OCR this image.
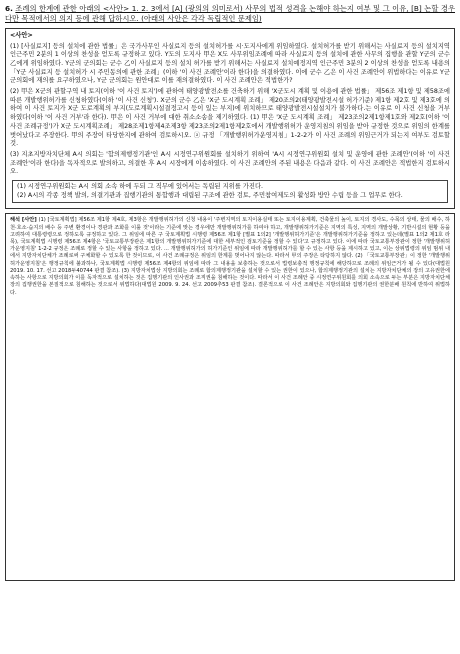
6. 조례의 한계에 관한 아래의 <사안> 1. 2. 3에서 [A] (광의의 의미로서) 사무의 법적 성격을 논해야 하는지 여부 및 그 이유, [B] 논할 경우 다만 목적에서의 의지 등에 관해 답하시오. (아래의 사안은 각각 독립적인 문제임)

<사안>

(1) [사실료지] 등의 설치에 관한 법률」은 국가사무인 사실료지 등의 설치허가를 시·도지사에게 위임하였다. 설치허가를 받기 위해서는 사실료지 등의 설치지역 인근주민 2분의 1 이상의 찬성을 얻도록 규정하고 있다. Y도의 도지사 甲은 X도 사무위임조례에 따라 사실료지 등의 설치에 관한 사무의 집행을 관할 Y군의 군수 乙에게 위임하였다. Y군의 군의회는 군수 乙이 사실료지 등의 설치 허가를 받기 위해서는 사실료지 설치예정지역 인근주민 3분의 2 이상의 찬성을 얻도록 내용의 「Y군 사실료지 등 설치허가 시 주민동의에 관한 조례」(이하 '이 사건 조례안'이라 한다)을 의결하였다. 이에 군수 乙은 이 사건 조례안이 위법하다는 이유로 Y군 군의회에 재의를 요구하였으나, Y군 군의회는 원안대로 이를 재의결하였다. 이 사건 조례안은 적법한가?

(2) 甲은 X군의 관할구역 내 토지(이하 '이 사건 토지')에 관하여 태양광발전소를 건축하기 위해 'X군도시 계획 및 이용에 관한 법률」 제56조 제1항 및 제58조에 따른 개발행위허가를 신청하였다(이하 '이 사건 신청'). X군의 군수 乙은 'X군 도시계획 조례」 제20조의2(태양광발전시설 허가기준) 제1항 제2호 및 제3호에 의하여 이 사건 토지가 X군 도로계획의 부지(도로계획시설결정고시 등이 있는 부지)에 위치하므로 태양광발전시설설치가 불가하다.는 이유로 이 사건 신청을 거부하였다(이하 '이 사건 거부'라 한다). 甲은 이 사건 거부에 대한 취소소송을 제기하였다. (1) 甲은 'X군 도시계획 조례」 제23조의2제1항제1호와 제2호(이하 '이 사건 조례규정')가 X군 도시계획조례」 제28조제1항제4조제3항 제23조의2제1항제2호에서 개발행위허가 운영지침의 위임을 받아 규정한 것으로 위임의 한계를 벗어났다고 주장한다. 甲의 주장이 타당한지에 관하여 검토하시오. ⓐ 규정 「개발행위허가운영지침」1-2-2가 이 사건 조례의 위임근거가 되는지 여부도 검토할 것.

(3) 지초지방자치단체 A시 의회는 '합의제행정기관'인 A시 시정연구위원회를 설치하기 위하여 'A시 시정연구위원회 설치 및 운영에 관한 조례안'(이하 '이 사건 조례안'이라 한다)을 독자적으로 발의하고, 의결한 후 A시 시장에게 이송하였다. 이 사건 조례안의 주된 내용은 다음과 같다. 이 사건 조례안은 적법한지 검토하시오.

(1) 시정연구위원회는 A시 의회 소속 하에 두되 그 직무에 있어서는 독립된 지위를 가진다.

(2) A시의 각종 정책 발의, 의결기관과 집행기관의 통합행과 대립된 구조에 관한 검토, 주민참여제도의 활성화 방안 수립 등을 그 업무로 한다.

해석 [사안] (1) [국토계획법] 제56조 제1항 제4호, 제3항은 개발행위허가의 신청 내용이 '주변지역의 토지이용실태 또는 토지이용계획, 건축물의 높이, 토지의 경사도, 수목의 상태, 물의 배수, 하천·호소·습지의 배수 등 주변 환경이나 경관과 조화를 이룰 것'이라는 기준에 맞는 경우에만 개발행위허가를 하여야 하고, 개발행위허가기준은 지역의 특성, 지역의 개발상황, 기반시설의 현황 등을 고려하여 대통령령으로 정하도록 규정하고 있다. 그 위임에 따른 구 국토계획법 시행령 제56조 제1항 [별표 1의2] '개발행위허가기준'은 개발행위허가기준을 정하고 있는데(별표 1의2 제1호 라목), 국토계획법 시행령 제56조 제4항은 '국토교통부장관은 제1항의 개발행위허가기준에 대한 세부적인 검토기준을 정할 수 있다'고 규정하고 있다. 이에 따라 국토교통부장관이 정한 '개발행위허가운영지침' 1-2-2 규정은 조례로 정할 수 있는 사항을 정하고 있다. ... 개발행위허가의 허가기준인 위임에 따라 개발행위허가를 할 수 있는 사항 등을 제시하고 있고, 이는 상위법령의 위임 범위 내에서 지방자치단체가 조례로써 구체화할 수 있도록 한 것이므로, 이 사건 조례규정은 위임의 한계를 벗어나지 않는다. 따라서 甲의 주장은 타당하지 않다. (2) 「국토교통부장관」이 정한 '개발행위허가운영지침'은 행정규칙에 불과하나, 국토계획법 시행령 제56조 제4항의 위임에 따라 그 내용을 보충하는 것으로서 법령보충적 행정규칙에 해당하므로 조례의 위임근거가 될 수 있다(대법원 2019. 10. 17. 선고 2018두40744 판결 참조). (3) 지방자치법상 지방의회는 조례로 합의제행정기관을 설치할 수 있는 권한이 있으나, 합의제행정기관의 설치는 지방자치단체의 장의 고유권한에 속하는 사항으로 지방의회가 이를 독자적으로 설치하는 것은 집행기관의 인사권과 조직권을 침해하는 것이다. 따라서 이 사건 조례안 중 시정연구위원회를 의회 소속으로 두는 부분은 지방자치단체장의 집행권한을 본질적으로 침해하는 것으로서 위법하다(대법원 2009. 9. 24. 선고 2009추53 판결 참조). 결론적으로 이 사건 조례안은 지방의회와 집행기관의 권한분배 원칙에 반하여 위법하다.
